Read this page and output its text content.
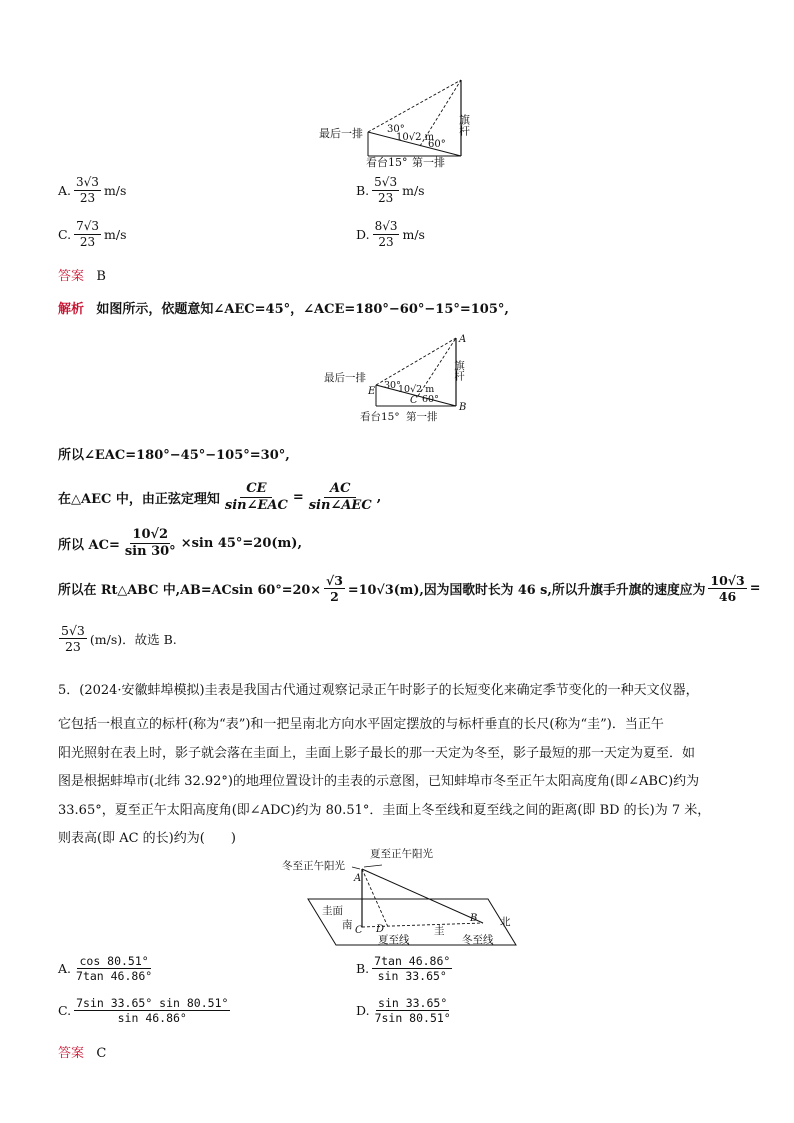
最后一排 30°
10√2 m
60°
看台15° 第一排
旗杆
A. $\frac{3√3}{23} m/s$	B. $\frac{5√3}{23} m/s$
C. $\frac{7√3}{23} m/s$	D. $\frac{8√3}{23} m/s$
答案 B
解析 如图所示，依题意知∠AEC=45°，∠ACE=180°−60°−15°=105°,
A
B
C
E
最后一排
30°
10√2 m
60°
看台15° 第一排
旗杆
所以∠EAC=180°−45°−105°=30°,
在△AEC 中，由正弦定理知 $\frac{CE}{\text{sin∠EAC}} = \frac{AC}{\text{sin∠AEC}}$ ,
所以 $AC= \frac{10√2}{\sin 30^\circ} \times\sin$ 45°=20(m),
所以在 Rt△ABC 中,AB=ACsin $60^\circ=20\times \frac{√3}{2} =10√3(m)$,因为国歌时长为 46 s,所以升旗手升旗的速度应为 $\frac{10√3}{46}$ =
$\frac{5√3}{23} (m/s)$．故选 B.
5．(2024·安徽蚌埠模拟)圭表是我国古代通过观察记录正午时影子的长短变化来确定季节变化的一种天文仪器，
它包括一根直立的标杆(称为“表”)和一把呈南北方向水平固定摆放的与标杆垂直的长尺(称为“圭”)．当正午
阳光照射在表上时，影子就会落在圭面上，圭面上影子最长的那一天定为冬至，影子最短的那一天定为夏至．如
图是根据蚌埠市(北纬 32.92°)的地理位置设计的圭表的示意图，已知蚌埠市冬至正午太阳高度角(即∠ABC)约为
33.65°，夏至正午太阳高度角(即∠ADC)约为 80.51°．圭面上冬至线和夏至线之间的距离(即 BD 的长)为 7 米，
则表高(即 AC 的长)约为(　　)
夏至正午阳光
冬至正午阳光
圭面
南	北
圭
夏至线	冬至线
A
B
C D
A. $\frac{\cos 80.51^\circ}{7\tan 46.86^\circ}$	B. $\frac{7\tan 46.86^\circ}{\sin 33.65^\circ}$
C. $\frac{7\sin 33.65^\circ \sin 80.51^\circ}{\sin 46.86^\circ}$	D. $\frac{\sin 33.65^\circ}{7\sin 80.51^\circ}$
答案 C
